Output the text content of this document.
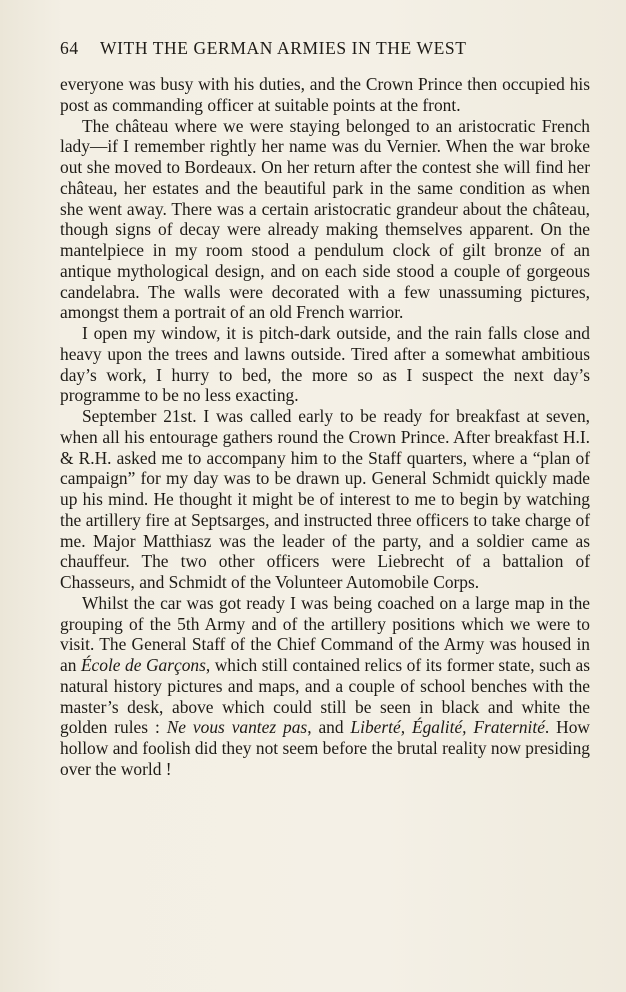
64 WITH THE GERMAN ARMIES IN THE WEST

everyone was busy with his duties, and the Crown Prince then occupied his post as commanding officer at suitable points at the front.

The château where we were staying belonged to an aristocratic French lady—if I remember rightly her name was du Vernier. When the war broke out she moved to Bordeaux. On her return after the contest she will find her château, her estates and the beautiful park in the same condition as when she went away. There was a certain aristocratic grandeur about the château, though signs of decay were already making themselves apparent. On the mantelpiece in my room stood a pendulum clock of gilt bronze of an antique mythological design, and on each side stood a couple of gorgeous candelabra. The walls were decorated with a few unassuming pictures, amongst them a portrait of an old French warrior.

I open my window, it is pitch-dark outside, and the rain falls close and heavy upon the trees and lawns outside. Tired after a somewhat ambitious day’s work, I hurry to bed, the more so as I suspect the next day’s programme to be no less exacting.

September 21st. I was called early to be ready for breakfast at seven, when all his entourage gathers round the Crown Prince. After breakfast H.I. & R.H. asked me to accompany him to the Staff quarters, where a “plan of campaign” for my day was to be drawn up. General Schmidt quickly made up his mind. He thought it might be of interest to me to begin by watching the artillery fire at Septsarges, and instructed three officers to take charge of me. Major Matthiasz was the leader of the party, and a soldier came as chauffeur. The two other officers were Liebrecht of a battalion of Chasseurs, and Schmidt of the Volunteer Automobile Corps.

Whilst the car was got ready I was being coached on a large map in the grouping of the 5th Army and of the artillery positions which we were to visit. The General Staff of the Chief Command of the Army was housed in an École de Garçons, which still contained relics of its former state, such as natural history pictures and maps, and a couple of school benches with the master’s desk, above which could still be seen in black and white the golden rules : Ne vous vantez pas, and Liberté, Égalité, Fraternité. How hollow and foolish did they not seem before the brutal reality now presiding over the world !
